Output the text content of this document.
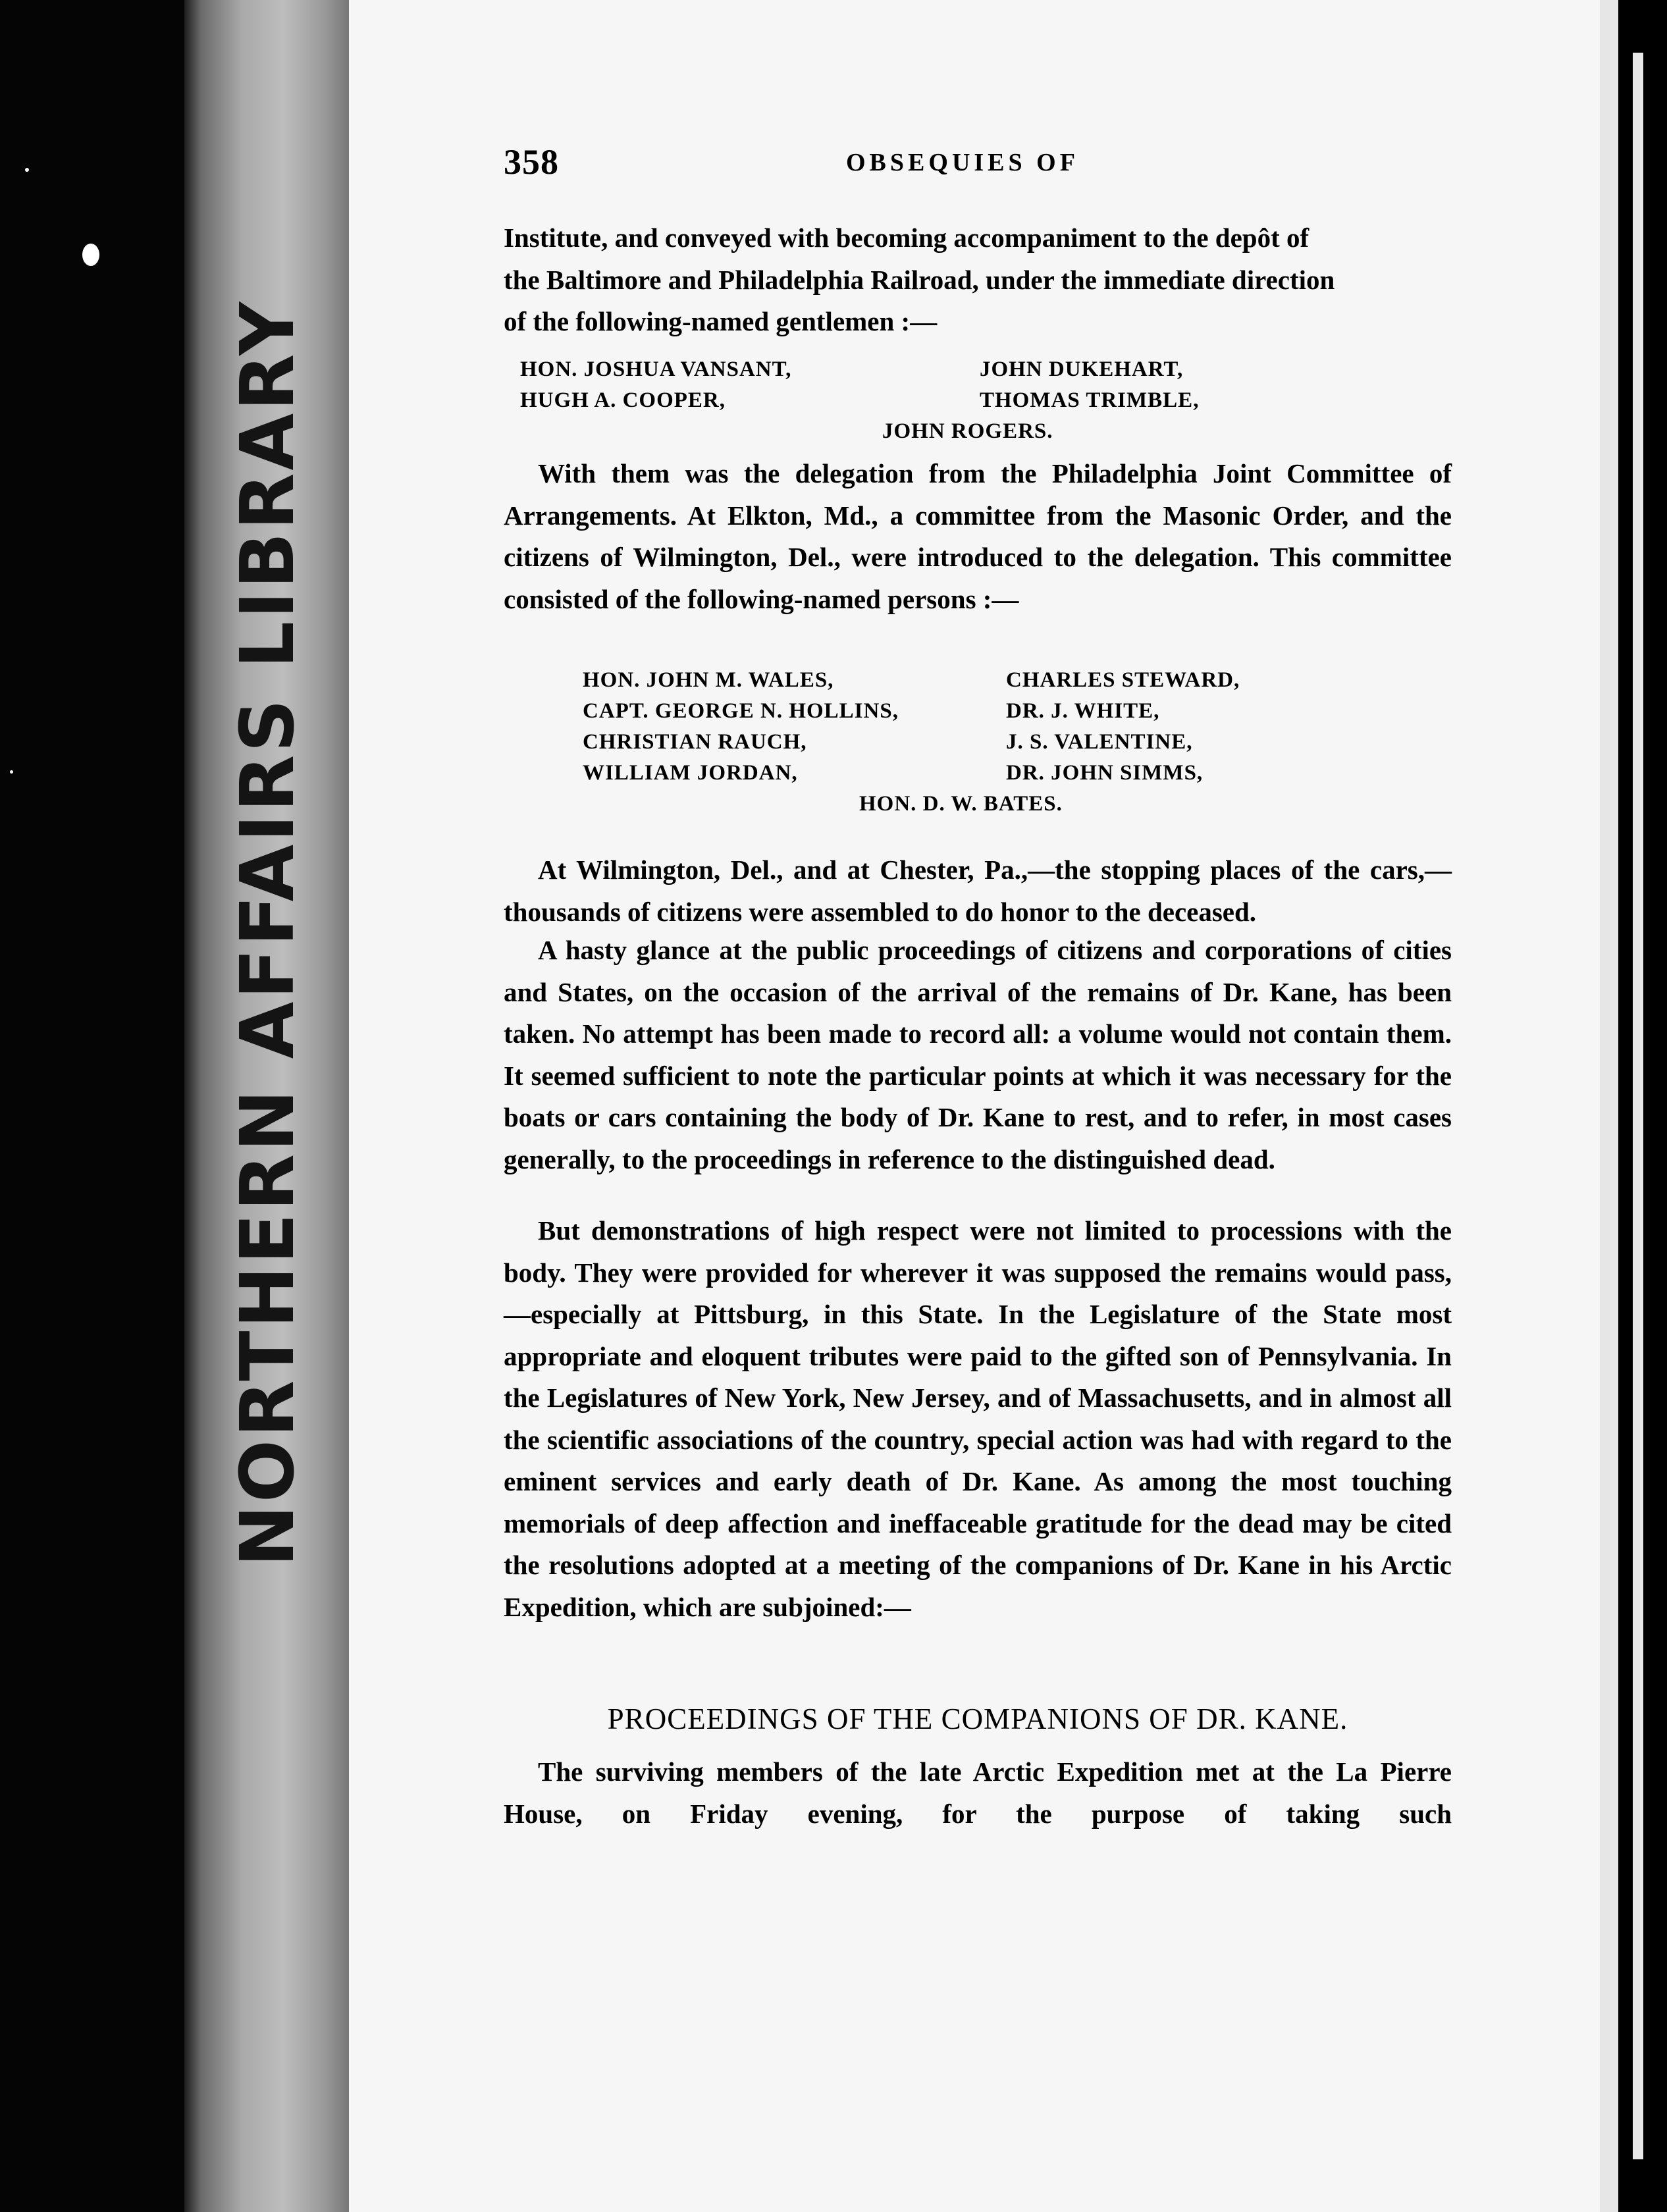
NORTHERN AFFAIRS LIBRARY
358	OBSEQUIES OF
Institute, and conveyed with becoming accompaniment to the depôt of
the Baltimore and Philadelphia Railroad, under the immediate direction
of the following-named gentlemen :—
HON. JOSHUA VANSANT,
HUGH A. COOPER,
JOHN DUKEHART,
THOMAS TRIMBLE,
JOHN ROGERS.
With them was the delegation from the Philadelphia Joint Committee of Arrangements. At Elkton, Md., a committee from the Masonic Order, and the citizens of Wilmington, Del., were introduced to the delegation. This committee consisted of the following-named persons :—
HON. JOHN M. WALES,
CAPT. GEORGE N. HOLLINS,
CHRISTIAN RAUCH,
WILLIAM JORDAN,
CHARLES STEWARD,
DR. J. WHITE,
J. S. VALENTINE,
DR. JOHN SIMMS,
HON. D. W. BATES.
At Wilmington, Del., and at Chester, Pa.,—the stopping places of the cars,—thousands of citizens were assembled to do honor to the deceased.
A hasty glance at the public proceedings of citizens and corporations of cities and States, on the occasion of the arrival of the remains of Dr. Kane, has been taken. No attempt has been made to record all: a volume would not contain them. It seemed sufficient to note the particular points at which it was necessary for the boats or cars containing the body of Dr. Kane to rest, and to refer, in most cases generally, to the proceedings in reference to the distinguished dead.
But demonstrations of high respect were not limited to processions with the body. They were provided for wherever it was supposed the remains would pass,—especially at Pittsburg, in this State. In the Legislature of the State most appropriate and eloquent tributes were paid to the gifted son of Pennsylvania. In the Legislatures of New York, New Jersey, and of Massachusetts, and in almost all the scientific associations of the country, special action was had with regard to the eminent services and early death of Dr. Kane. As among the most touching memorials of deep affection and ineffaceable gratitude for the dead may be cited the resolutions adopted at a meeting of the companions of Dr. Kane in his Arctic Expedition, which are subjoined:—
PROCEEDINGS OF THE COMPANIONS OF DR. KANE.
The surviving members of the late Arctic Expedition met at the La Pierre House, on Friday evening, for the purpose of taking such
